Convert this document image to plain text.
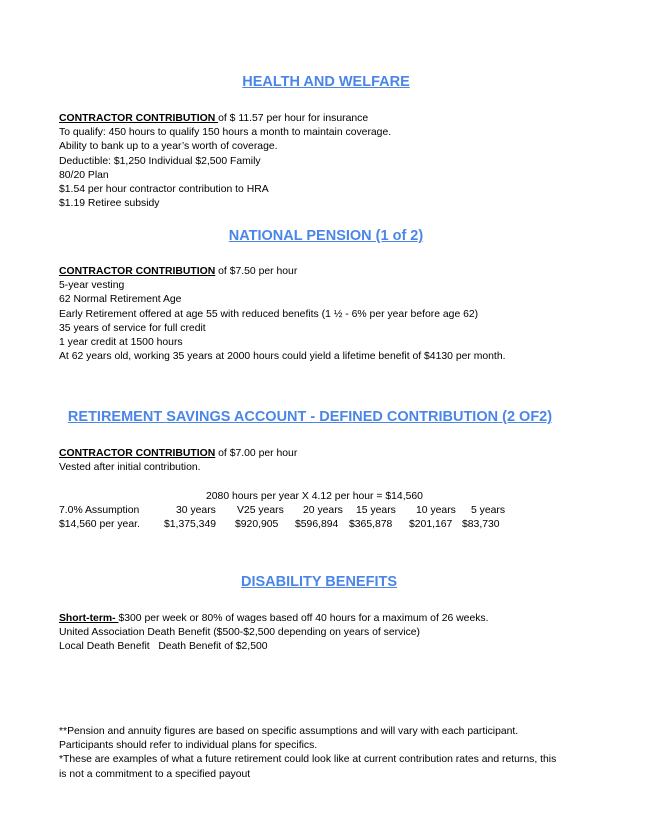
HEALTH AND WELFARE
CONTRACTOR CONTRIBUTION of $ 11.57 per hour for insurance
To qualify: 450 hours to qualify 150 hours a month to maintain coverage.
Ability to bank up to a year’s worth of coverage.
Deductible: $1,250 Individual $2,500 Family
80/20 Plan
$1.54 per hour contractor contribution to HRA
$1.19 Retiree subsidy
NATIONAL PENSION (1 of 2)
CONTRACTOR CONTRIBUTION of $7.50 per hour
5-year vesting
62 Normal Retirement Age
Early Retirement offered at age 55 with reduced benefits (1 ½ - 6% per year before age 62)
35 years of service for full credit
1 year credit at 1500 hours
At 62 years old, working 35 years at 2000 hours could yield a lifetime benefit of $4130 per month.
RETIREMENT SAVINGS ACCOUNT - DEFINED CONTRIBUTION (2 OF2)
CONTRACTOR CONTRIBUTION of $7.00 per hour
Vested after initial contribution.
2080 hours per year X 4.12 per hour = $14,560
7.0% Assumption	30 years V25 years 20 years 15 years 10 years 5 years
$14,560 per year. $1,375,349 $920,905 $596,894 $365,878 $201,167 $83,730
DISABILITY BENEFITS
Short-term- $300 per week or 80% of wages based off 40 hours for a maximum of 26 weeks.
United Association Death Benefit ($500-$2,500 depending on years of service)
Local Death Benefit   Death Benefit of $2,500
**Pension and annuity figures are based on specific assumptions and will vary with each participant.
Participants should refer to individual plans for specifics.
*These are examples of what a future retirement could look like at current contribution rates and returns, this
is not a commitment to a specified payout
